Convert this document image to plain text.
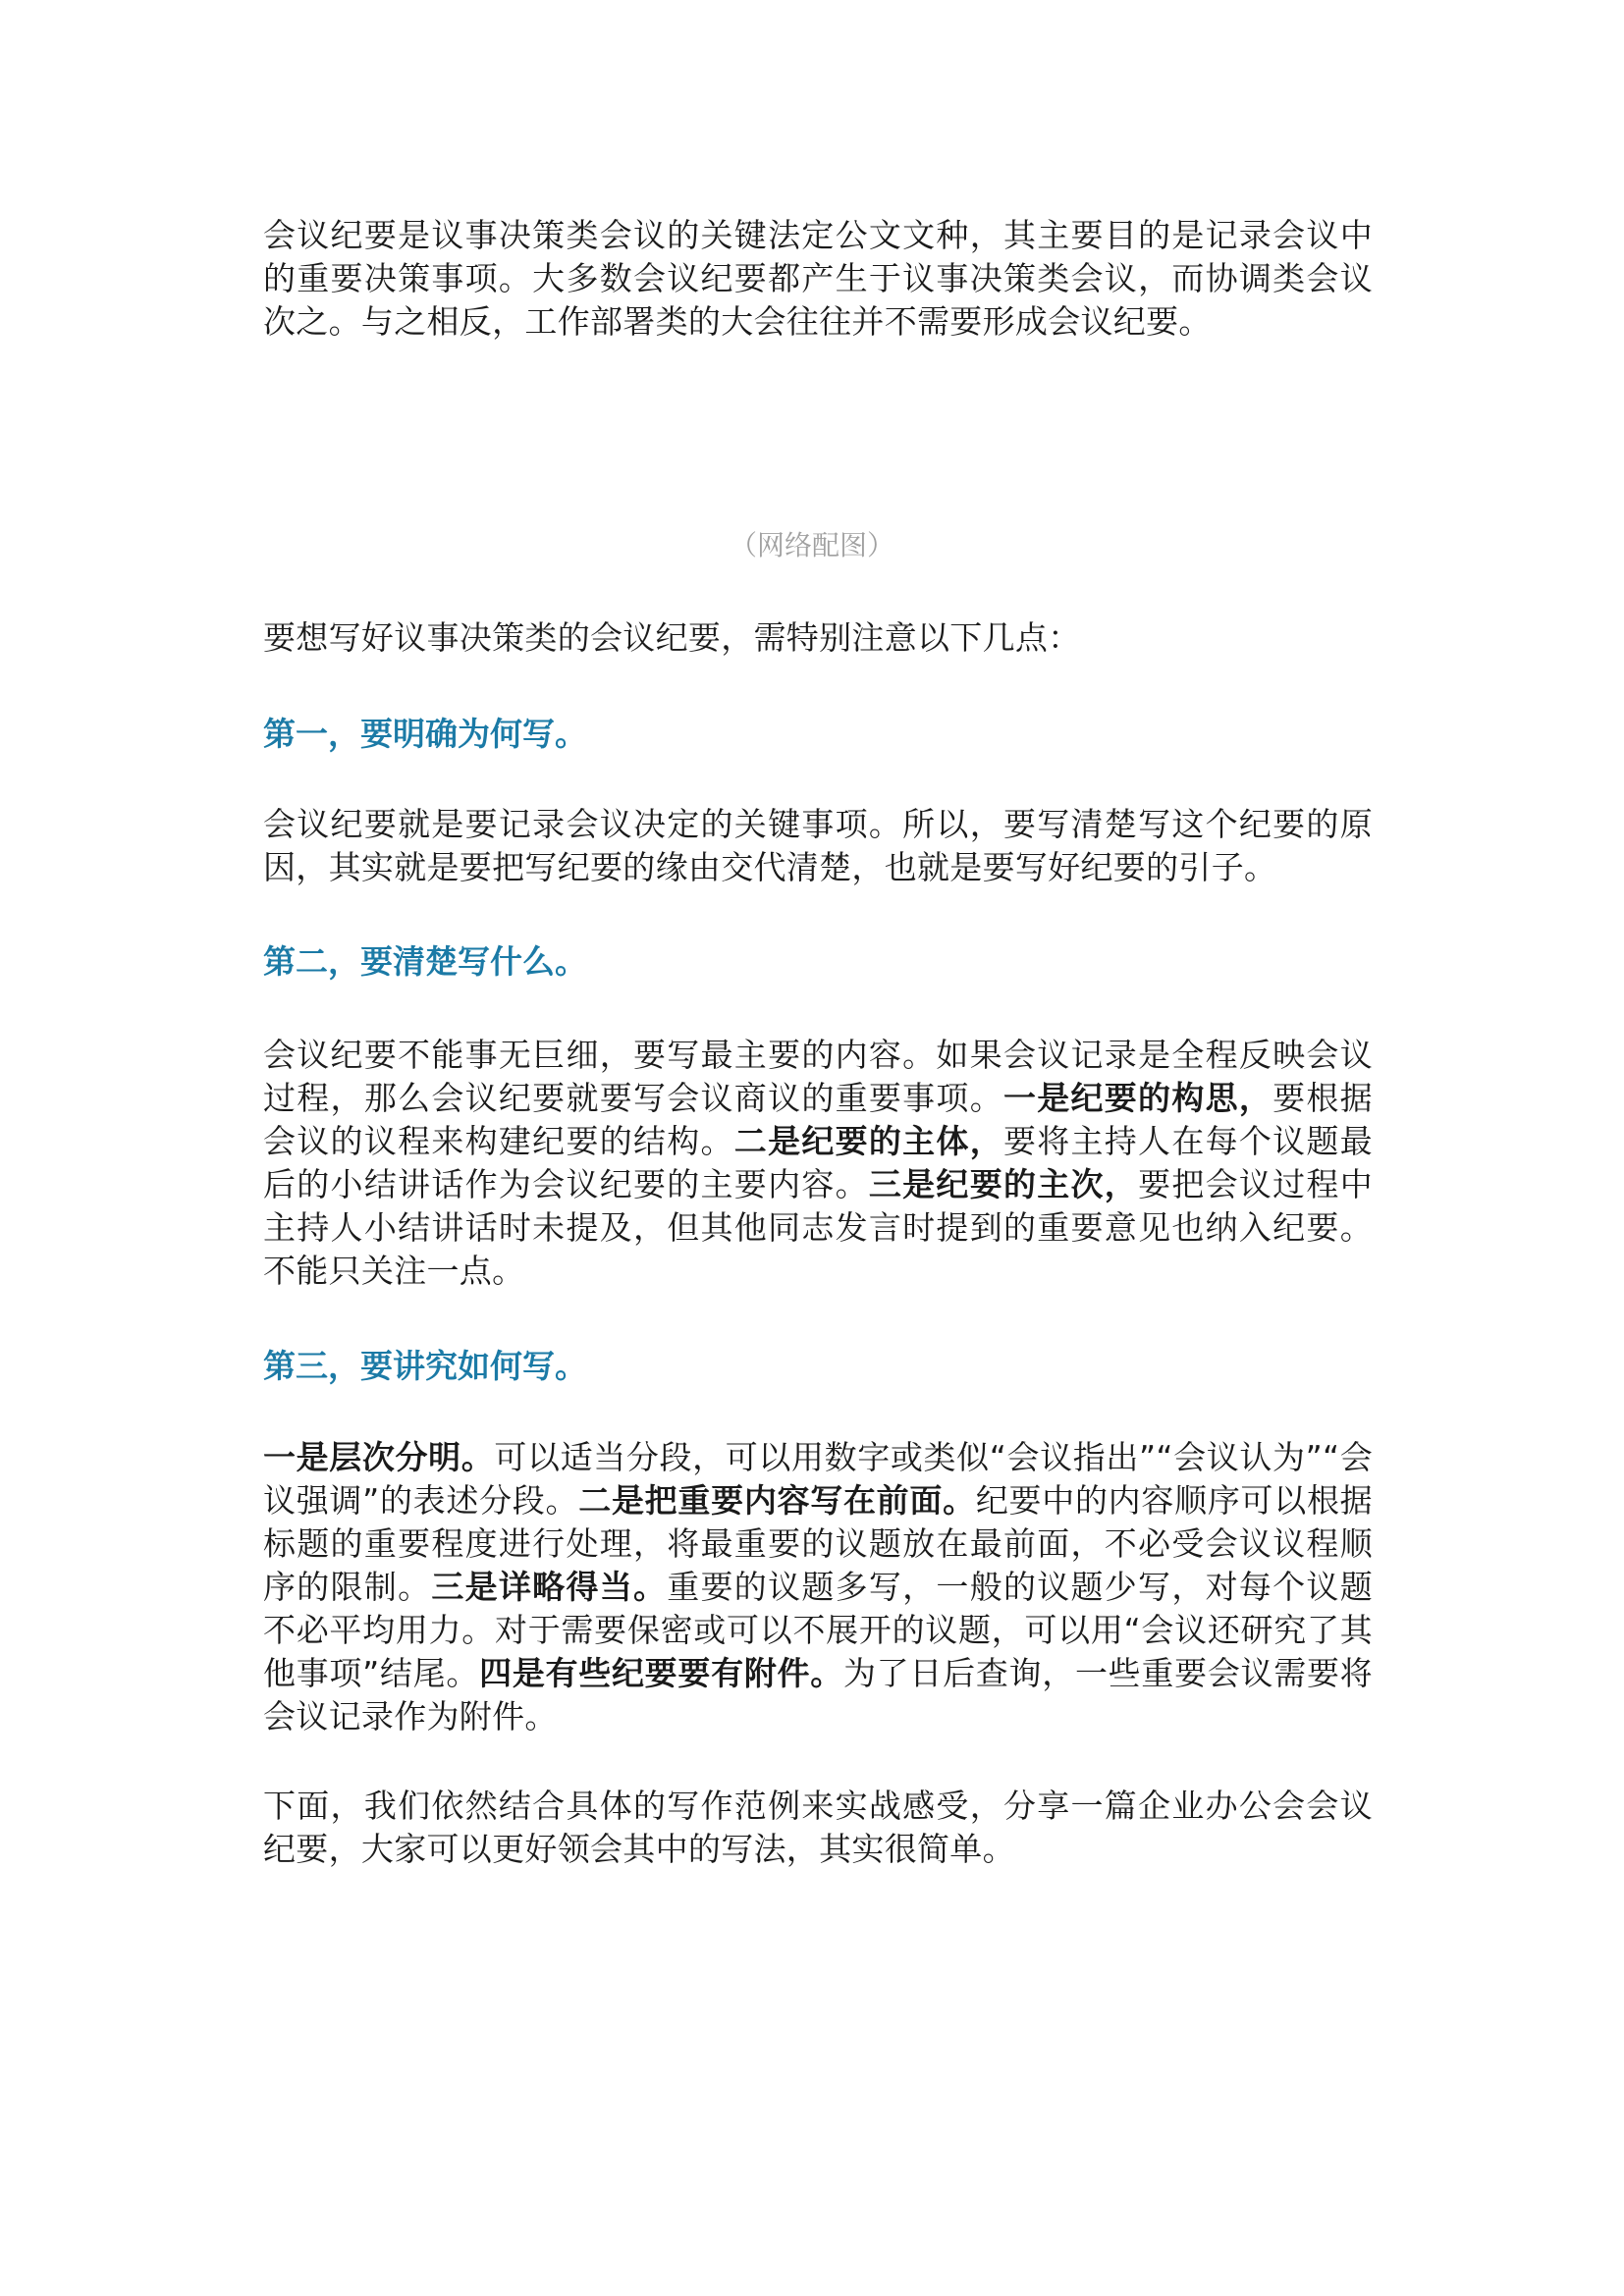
会议纪要是议事决策类会议的关键法定公文文种，其主要目的是记录会议中的重要决策事项。大多数会议纪要都产生于议事决策类会议，而协调类会议次之。与之相反，工作部署类的大会往往并不需要形成会议纪要。

（网络配图）

要想写好议事决策类的会议纪要，需特别注意以下几点：

第一，要明确为何写。

会议纪要就是要记录会议决定的关键事项。所以，要写清楚写这个纪要的原因，其实就是要把写纪要的缘由交代清楚，也就是要写好纪要的引子。

第二，要清楚写什么。

会议纪要不能事无巨细，要写最主要的内容。如果会议记录是全程反映会议过程，那么会议纪要就要写会议商议的重要事项。一是纪要的构思，要根据会议的议程来构建纪要的结构。二是纪要的主体，要将主持人在每个议题最后的小结讲话作为会议纪要的主要内容。三是纪要的主次，要把会议过程中主持人小结讲话时未提及，但其他同志发言时提到的重要意见也纳入纪要。不能只关注一点。

第三，要讲究如何写。

一是层次分明。可以适当分段，可以用数字或类似“会议指出”“会议认为”“会议强调”的表述分段。二是把重要内容写在前面。纪要中的内容顺序可以根据标题的重要程度进行处理，将最重要的议题放在最前面，不必受会议议程顺序的限制。三是详略得当。重要的议题多写，一般的议题少写，对每个议题不必平均用力。对于需要保密或可以不展开的议题，可以用“会议还研究了其他事项”结尾。四是有些纪要要有附件。为了日后查询，一些重要会议需要将会议记录作为附件。

下面，我们依然结合具体的写作范例来实战感受，分享一篇企业办公会会议纪要，大家可以更好领会其中的写法，其实很简单。
